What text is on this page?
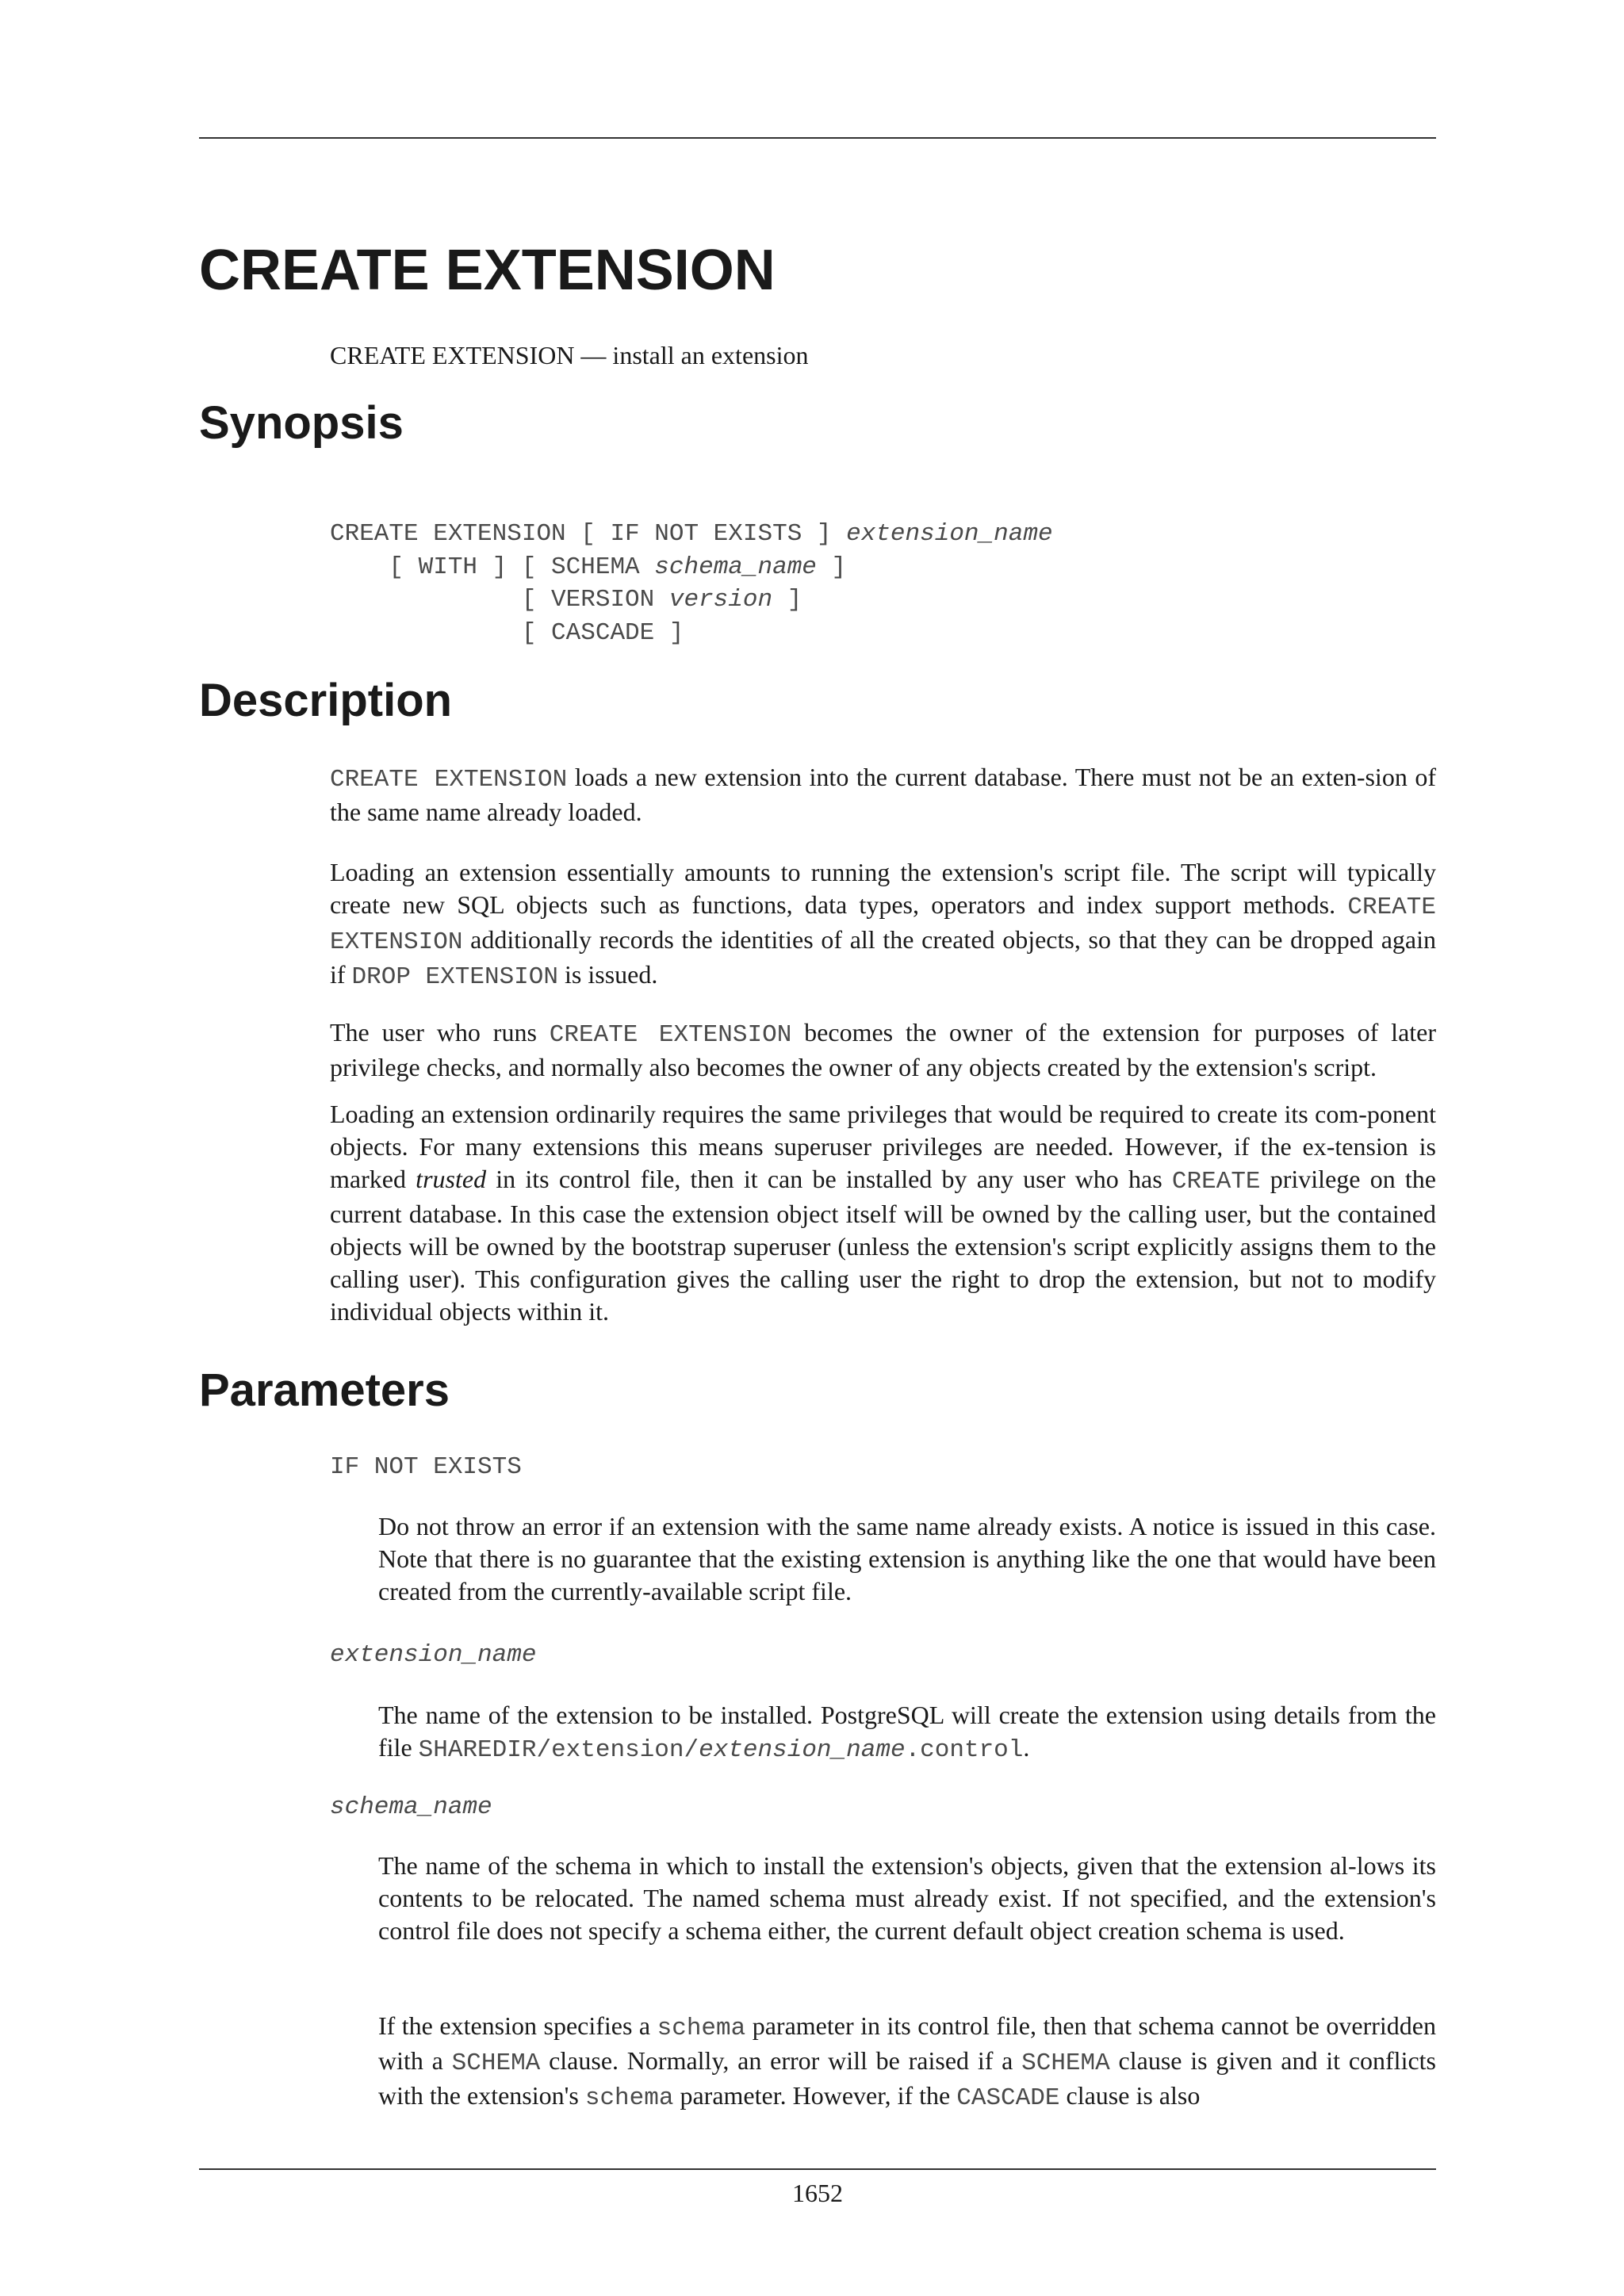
CREATE EXTENSION

CREATE EXTENSION — install an extension

Synopsis
CREATE EXTENSION [ IF NOT EXISTS ] extension_name
[ WITH ] [ SCHEMA schema_name ]
[ VERSION version ]
[ CASCADE ]
Description

CREATE EXTENSION loads a new extension into the current database. There must not be an exten-sion of the same name already loaded.

Loading an extension essentially amounts to running the extension's script file. The script will typically create new SQL objects such as functions, data types, operators and index support methods. CREATE EXTENSION additionally records the identities of all the created objects, so that they can be dropped again if DROP EXTENSION is issued.

The user who runs CREATE EXTENSION becomes the owner of the extension for purposes of later privilege checks, and normally also becomes the owner of any objects created by the extension's script.

Loading an extension ordinarily requires the same privileges that would be required to create its com-ponent objects. For many extensions this means superuser privileges are needed. However, if the ex-tension is marked trusted in its control file, then it can be installed by any user who has CREATE privilege on the current database. In this case the extension object itself will be owned by the calling user, but the contained objects will be owned by the bootstrap superuser (unless the extension's script explicitly assigns them to the calling user). This configuration gives the calling user the right to drop the extension, but not to modify individual objects within it.

Parameters
IF NOT EXISTS

Do not throw an error if an extension with the same name already exists. A notice is issued in this case. Note that there is no guarantee that the existing extension is anything like the one that would have been created from the currently-available script file.

extension_name

The name of the extension to be installed. PostgreSQL will create the extension using details from the file SHAREDIR/extension/extension_name.control.

schema_name

The name of the schema in which to install the extension's objects, given that the extension al-lows its contents to be relocated. The named schema must already exist. If not specified, and the extension's control file does not specify a schema either, the current default object creation schema is used.

If the extension specifies a schema parameter in its control file, then that schema cannot be overridden with a SCHEMA clause. Normally, an error will be raised if a SCHEMA clause is given and it conflicts with the extension's schema parameter. However, if the CASCADE clause is also

1652
